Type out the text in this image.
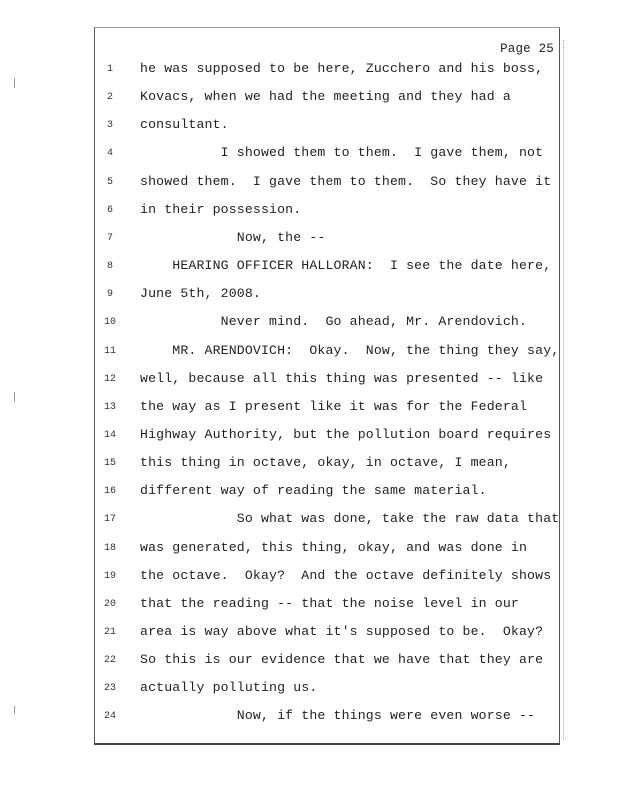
Page 25
1	he was supposed to be here, Zucchero and his boss,
2	Kovacs, when we had the meeting and they had a
3	consultant.
4	I showed them to them.  I gave them, not
5	showed them.  I gave them to them.  So they have it
6	in their possession.
7	Now, the --
8	HEARING OFFICER HALLORAN:  I see the date here,
9	June 5th, 2008.
10	Never mind.  Go ahead, Mr. Arendovich.
11	MR. ARENDOVICH:  Okay.  Now, the thing they say,
12	well, because all this thing was presented -- like
13	the way as I present like it was for the Federal
14	Highway Authority, but the pollution board requires
15	this thing in octave, okay, in octave, I mean,
16	different way of reading the same material.
17	So what was done, take the raw data that
18	was generated, this thing, okay, and was done in
19	the octave.  Okay?  And the octave definitely shows
20	that the reading -- that the noise level in our
21	area is way above what it's supposed to be.  Okay?
22	So this is our evidence that we have that they are
23	actually polluting us.
24	Now, if the things were even worse --
